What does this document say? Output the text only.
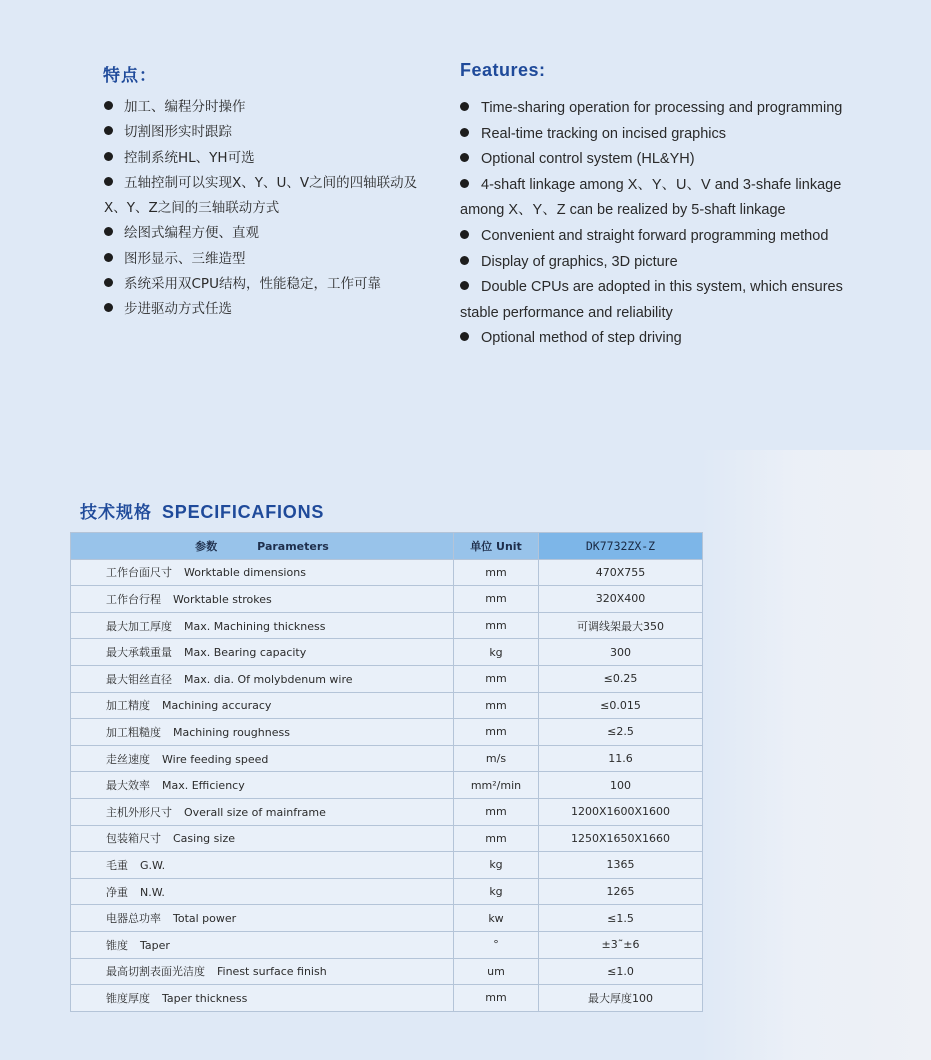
特点：
加工、编程分时操作
切割图形实时跟踪
控制系统HL、YH可选
五轴控制可以实现X、Y、U、V之间的四轴联动及X、Y、Z之间的三轴联动方式
绘图式编程方便、直观
图形显示、三维造型
系统采用双CPU结构，性能稳定，工作可靠
步进驱动方式任选
Features:
Time-sharing operation for processing and programming
Real-time tracking on incised graphics
Optional control system (HL&YH)
4-shaft linkage among X、Y、U、V and 3-shafe linkage among X、Y、Z can be realized by 5-shaft linkage
Convenient and straight forward programming method
Display of graphics, 3D picture
Double CPUs are adopted in this system, which ensures stable performance and reliability
Optional method of step driving
技术规格 SPECIFICAFIONS
参数 Parameters	单位 Unit	DK7732ZX-Z
工作台面尺寸 Worktable dimensions	mm	470X755
工作台行程 Worktable strokes	mm	320X400
最大加工厚度 Max. Machining thickness	mm	可调线架最大350
最大承载重量 Max. Bearing capacity	kg	300
最大钼丝直径 Max. dia. Of molybdenum wire	mm	≤0.25
加工精度 Machining accuracy	mm	≤0.015
加工粗糙度 Machining roughness	mm	≤2.5
走丝速度 Wire feeding speed	m/s	11.6
最大效率 Max. Efficiency	mm²/min	100
主机外形尺寸 Overall size of mainframe	mm	1200X1600X1600
包装箱尺寸 Casing size	mm	1250X1650X1660
毛重 G.W.	kg	1365
净重 N.W.	kg	1265
电器总功率 Total power	kw	≤1.5
锥度 Taper	°	±3˜±6
最高切割表面光洁度 Finest surface finish	um	≤1.0
锥度厚度 Taper thickness	mm	最大厚度100
